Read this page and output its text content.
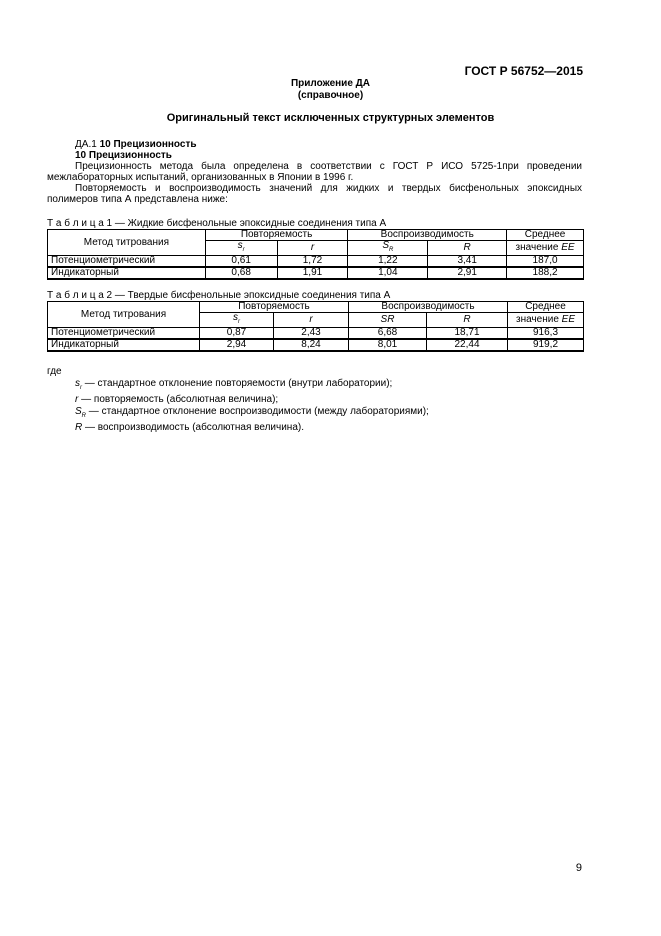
ГОСТ Р 56752—2015
Приложение ДА
(справочное)
Оригинальный текст исключенных структурных элементов

ДА.1 10 Прецизионность

10 Прецизионность

Прецизионность метода была определена в соответствии с ГОСТ Р ИСО 5725-1при проведении межлабораторных испытаний, организованных в Японии в 1996 г.

Повторяемость и воспроизводимость значений для жидких и твердых бисфенольных эпоксидных полимеров типа А представлена ниже:

Т а б л и ц а 1 — Жидкие бисфенольные эпоксидные соединения типа А

Метод титрования	Повторяемость		Воспроизводимость		Среднее
	$s_r$	r	$S_R$	R	значение EE
Потенциометрический	0,61	1,72	1,22	3,41	187,0
Индикаторный	0,68	1,91	1,04	2,91	188,2

Т а б л и ц а 2 — Твердые бисфенольные эпоксидные соединения типа А

Метод титрования	Повторяемость		Воспроизводимость		Среднее
	$s_r$	r	SR	R	значение EE
Потенциометрический	0,87	2,43	6,68	18,71	916,3
Индикаторный	2,94	8,24	8,01	22,44	919,2
где
$s_r$ — стандартное отклонение повторяемости (внутри лаборатории);
r — повторяемость (абсолютная величина);
$S_R$ — стандартное отклонение воспроизводимости (между лабораториями);
R — воспроизводимость (абсолютная величина).
9
